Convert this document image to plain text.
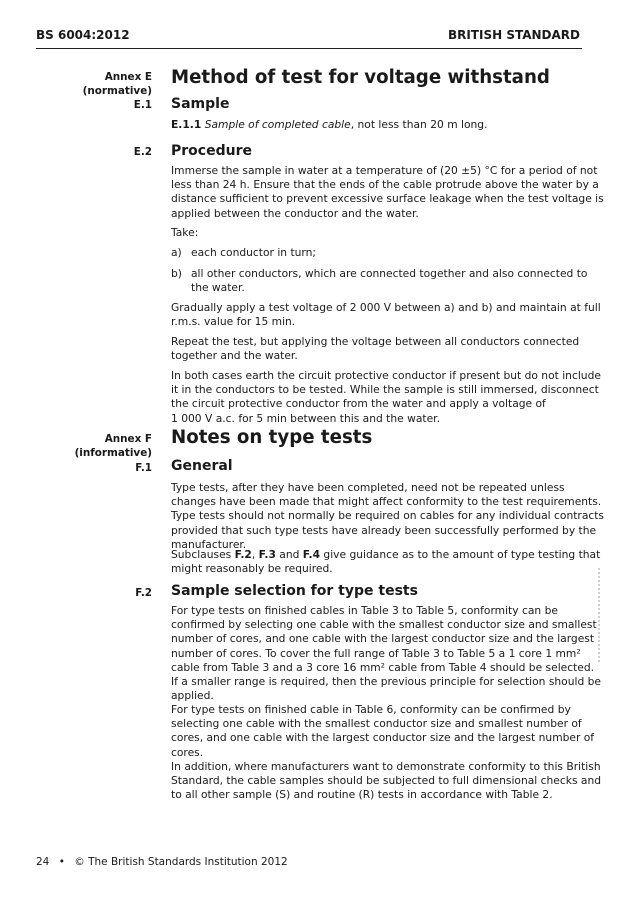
BS 6004:2012	BRITISH STANDARD
Annex E
(normative)
Method of test for voltage withstand
E.1 Sample
E.1.1 Sample of completed cable, not less than 20 m long.
E.2 Procedure
Immerse the sample in water at a temperature of (20 ±5) °C for a period of not
less than 24 h. Ensure that the ends of the cable protrude above the water by a
distance sufficient to prevent excessive surface leakage when the test voltage is
applied between the conductor and the water.
Take:
a) each conductor in turn;
b) all other conductors, which are connected together and also connected to
the water.
Gradually apply a test voltage of 2 000 V between a) and b) and maintain at full
r.m.s. value for 15 min.
Repeat the test, but applying the voltage between all conductors connected
together and the water.
In both cases earth the circuit protective conductor if present but do not include
it in the conductors to be tested. While the sample is still immersed, disconnect
the circuit protective conductor from the water and apply a voltage of
1 000 V a.c. for 5 min between this and the water.
Annex F
(informative)
Notes on type tests
F.1 General
Type tests, after they have been completed, need not be repeated unless
changes have been made that might affect conformity to the test requirements.
Type tests should not normally be required on cables for any individual contracts
provided that such type tests have already been successfully performed by the
manufacturer.
Subclauses F.2, F.3 and F.4 give guidance as to the amount of type testing that
might reasonably be required.
F.2 Sample selection for type tests
For type tests on finished cables in Table 3 to Table 5, conformity can be
confirmed by selecting one cable with the smallest conductor size and smallest
number of cores, and one cable with the largest conductor size and the largest
number of cores. To cover the full range of Table 3 to Table 5 a 1 core 1 mm²
cable from Table 3 and a 3 core 16 mm² cable from Table 4 should be selected.
If a smaller range is required, then the previous principle for selection should be
applied.
For type tests on finished cable in Table 6, conformity can be confirmed by
selecting one cable with the smallest conductor size and smallest number of
cores, and one cable with the largest conductor size and the largest number of
cores.
In addition, where manufacturers want to demonstrate conformity to this British
Standard, the cable samples should be subjected to full dimensional checks and
to all other sample (S) and routine (R) tests in accordance with Table 2.
24 • © The British Standards Institution 2012
